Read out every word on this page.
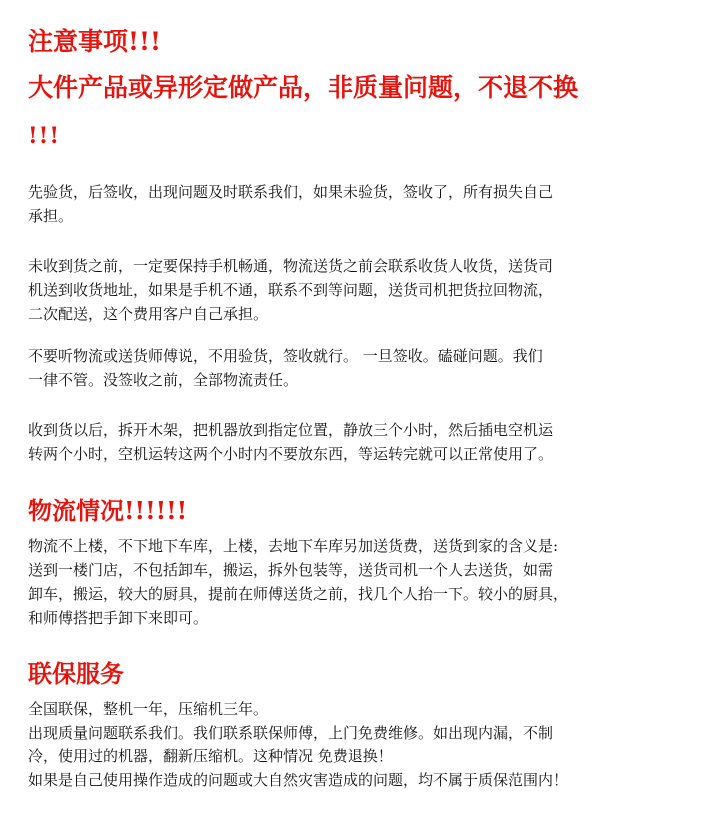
注意事项!!!
大件产品或异形定做产品，非质量问题，不退不换
!!!

先验货，后签收，出现问题及时联系我们，如果未验货，签收了，所有损失自己
承担。

未收到货之前，一定要保持手机畅通，物流送货之前会联系收货人收货，送货司
机送到收货地址，如果是手机不通，联系不到等问题，送货司机把货拉回物流，
二次配送，这个费用客户自己承担。

不要听物流或送货师傅说，不用验货，签收就行。 一旦签收。磕碰问题。我们
一律不管。没签收之前，全部物流责任。

收到货以后，拆开木架，把机器放到指定位置，静放三个小时，然后插电空机运
转两个小时，空机运转这两个小时内不要放东西，等运转完就可以正常使用了。

物流情况!!!!!!

物流不上楼，不下地下车库，上楼，去地下车库另加送货费，送货到家的含义是:
送到一楼门店，不包括卸车，搬运，拆外包装等，送货司机一个人去送货，如需
卸车，搬运，较大的厨具，提前在师傅送货之前，找几个人抬一下。较小的厨具，
和师傅搭把手卸下来即可。

联保服务

全国联保，整机一年，压缩机三年。
出现质量问题联系我们。我们联系联保师傅，上门免费维修。如出现内漏，不制
冷，使用过的机器，翻新压缩机。这种情况 免费退换！
如果是自己使用操作造成的问题或大自然灾害造成的问题，均不属于质保范围内！
